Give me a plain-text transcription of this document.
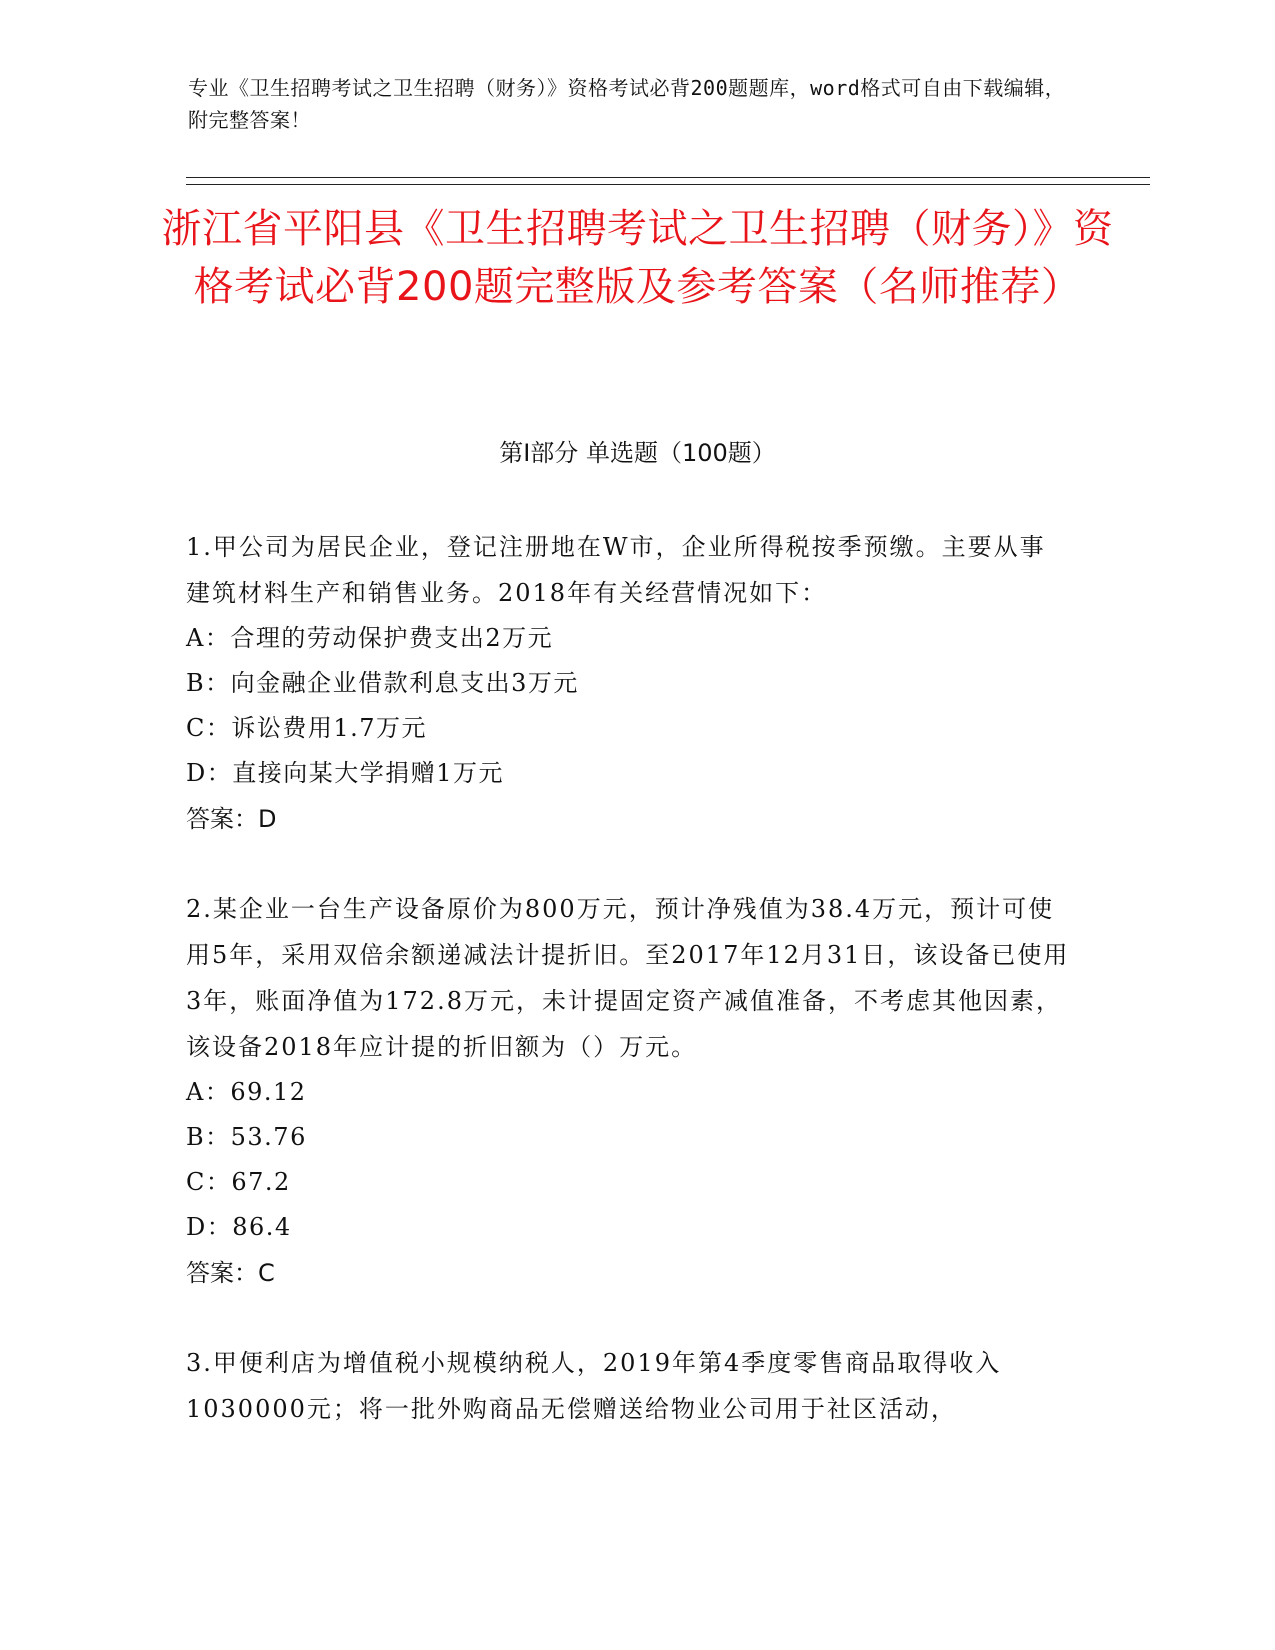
专业《卫生招聘考试之卫生招聘（财务）》资格考试必背200题题库，word格式可自由下载编辑，附完整答案！
浙江省平阳县《卫生招聘考试之卫生招聘（财务）》资格考试必背200题完整版及参考答案（名师推荐）
第Ⅰ部分 单选题（100题）
1.甲公司为居民企业，登记注册地在W市，企业所得税按季预缴。主要从事建筑材料生产和销售业务。2018年有关经营情况如下：
A：合理的劳动保护费支出2万元
B：向金融企业借款利息支出3万元
C：诉讼费用1.7万元
D：直接向某大学捐赠1万元
答案：D
2.某企业一台生产设备原价为800万元，预计净残值为38.4万元，预计可使用5年，采用双倍余额递减法计提折旧。至2017年12月31日，该设备已使用3年，账面净值为172.8万元，未计提固定资产减值准备，不考虑其他因素，该设备2018年应计提的折旧额为（）万元。
A：69.12
B：53.76
C：67.2
D：86.4
答案：C
3.甲便利店为增值税小规模纳税人，2019年第4季度零售商品取得收入1030000元；将一批外购商品无偿赠送给物业公司用于社区活动，
